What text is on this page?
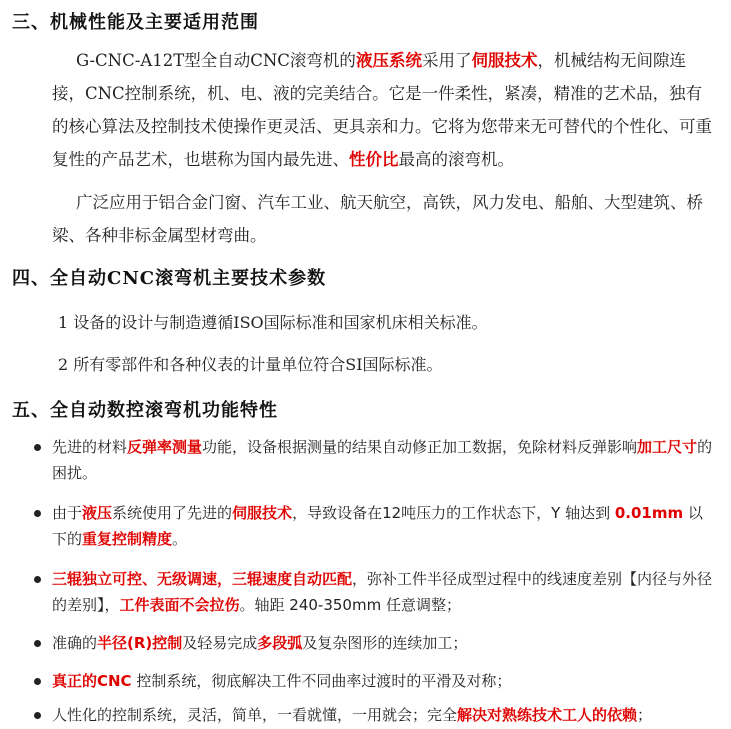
三、机械性能及主要适用范围
G-CNC-A12T型全自动CNC滚弯机的液压系统采用了伺服技术，机械结构无间隙连接，CNC控制系统，机、电、液的完美结合。它是一件柔性，紧凑，精准的艺术品，独有的核心算法及控制技术使操作更灵活、更具亲和力。它将为您带来无可替代的个性化、可重复性的产品艺术，也堪称为国内最先进、性价比最高的滚弯机。
广泛应用于铝合金门窗、汽车工业、航天航空，高铁，风力发电、船舶、大型建筑、桥梁、各种非标金属型材弯曲。
四、全自动CNC滚弯机主要技术参数
1 设备的设计与制造遵循ISO国际标准和国家机床相关标准。
2 所有零部件和各种仪表的计量单位符合SI国际标准。
五、全自动数控滚弯机功能特性
先进的材料反弹率测量功能，设备根据测量的结果自动修正加工数据，免除材料反弹影响加工尺寸的困扰。
由于液压系统使用了先进的伺服技术，导致设备在12吨压力的工作状态下，Y 轴达到 0.01mm 以下的重复控制精度。
三辊独立可控、无级调速，三辊速度自动匹配，弥补工件半径成型过程中的线速度差别【内径与外径的差别】，工件表面不会拉伤。轴距 240-350mm 任意调整；
准确的半径(R)控制及轻易完成多段弧及复杂图形的连续加工；
真正的CNC 控制系统，彻底解决工件不同曲率过渡时的平滑及对称；
人性化的控制系统，灵活，简单，一看就懂，一用就会；完全解决对熟练技术工人的依赖；
